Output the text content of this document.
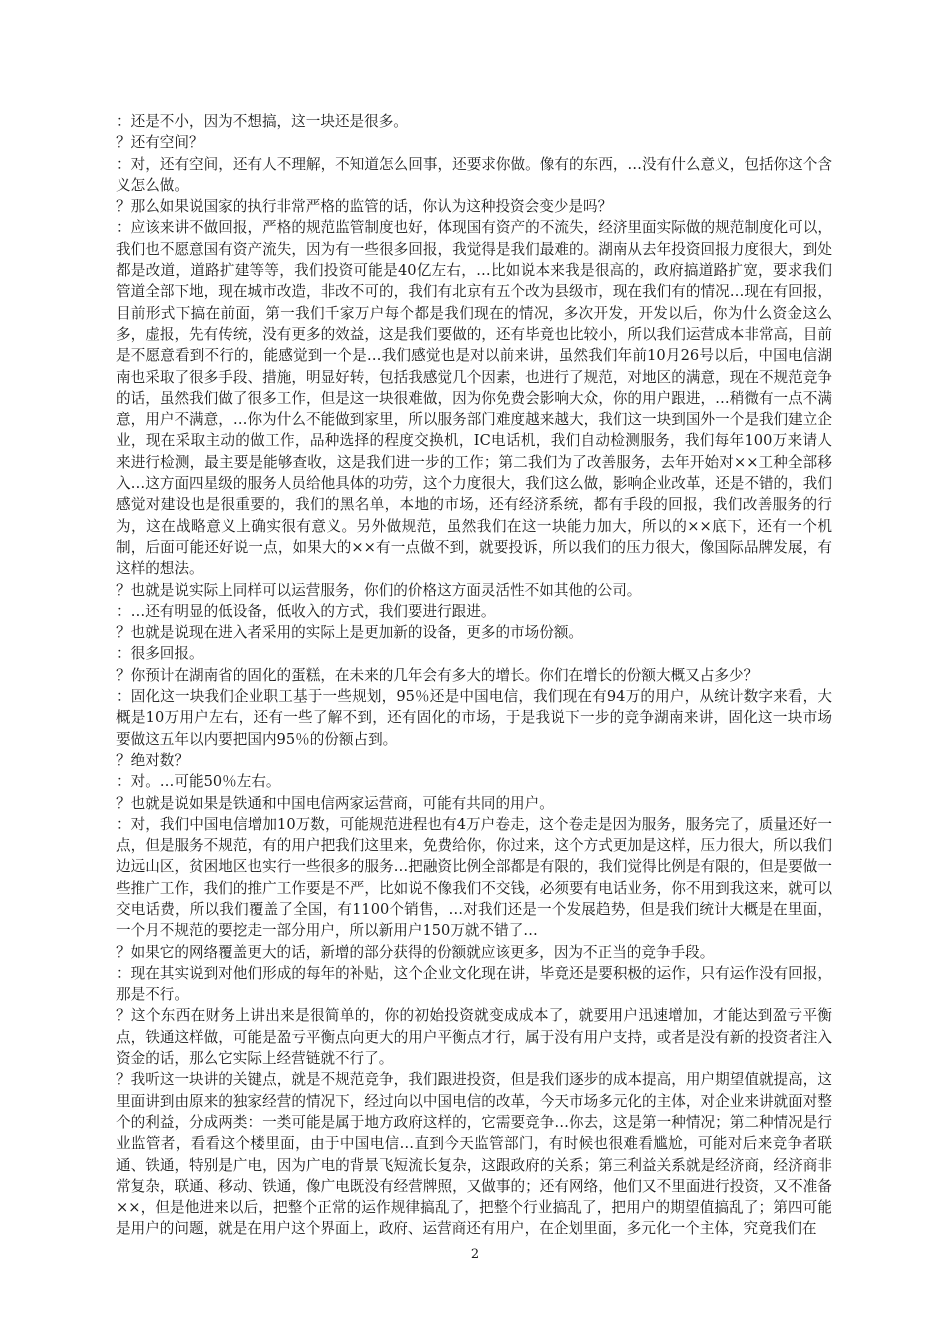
：还是不小，因为不想搞，这一块还是很多。

？还有空间？

：对，还有空间，还有人不理解，不知道怎么回事，还要求你做。像有的东西，…没有什么意义，包括你这个含义怎么做。

？那么如果说国家的执行非常严格的监管的话，你认为这种投资会变少是吗？

：应该来讲不做回报，严格的规范监管制度也好，体现国有资产的不流失，经济里面实际做的规范制度化可以，我们也不愿意国有资产流失，因为有一些很多回报，我觉得是我们最难的。湖南从去年投资回报力度很大，到处都是改道，道路扩建等等，我们投资可能是40亿左右，…比如说本来我是很高的，政府搞道路扩宽，要求我们管道全部下地，现在城市改造，非改不可的，我们有北京有五个改为县级市，现在我们有的情况…现在有回报，目前形式下搞在前面，第一我们千家万户每个都是我们现在的情况，多次开发，开发以后，你为什么资金这么多，虚报，先有传统，没有更多的效益，这是我们要做的，还有毕竟也比较小，所以我们运营成本非常高，目前是不愿意看到不行的，能感觉到一个是…我们感觉也是对以前来讲，虽然我们年前10月26号以后，中国电信湖南也采取了很多手段、措施，明显好转，包括我感觉几个因素，也进行了规范，对地区的满意，现在不规范竞争的话，虽然我们做了很多工作，但是这一块很难做，因为你免费会影响大众，你的用户跟进，…稍微有一点不满意，用户不满意，…你为什么不能做到家里，所以服务部门难度越来越大，我们这一块到国外一个是我们建立企业，现在采取主动的做工作，品种选择的程度交换机，IC电话机，我们自动检测服务，我们每年100万来请人来进行检测，最主要是能够查收，这是我们进一步的工作；第二我们为了改善服务，去年开始对××工种全部移入…这方面四星级的服务人员给他具体的功劳，这个力度很大，我们这么做，影响企业改革，还是不错的，我们感觉对建设也是很重要的，我们的黑名单，本地的市场，还有经济系统，都有手段的回报，我们改善服务的行为，这在战略意义上确实很有意义。另外做规范，虽然我们在这一块能力加大，所以的××底下，还有一个机制，后面可能还好说一点，如果大的××有一点做不到，就要投诉，所以我们的压力很大，像国际品牌发展，有这样的想法。

？也就是说实际上同样可以运营服务，你们的价格这方面灵活性不如其他的公司。

：…还有明显的低设备，低收入的方式，我们要进行跟进。

？也就是说现在进入者采用的实际上是更加新的设备，更多的市场份额。

：很多回报。

？你预计在湖南省的固化的蛋糕，在未来的几年会有多大的增长。你们在增长的份额大概又占多少？

：固化这一块我们企业职工基于一些规划，95％还是中国电信，我们现在有94万的用户，从统计数字来看，大概是10万用户左右，还有一些了解不到，还有固化的市场，于是我说下一步的竞争湖南来讲，固化这一块市场要做这五年以内要把国内95％的份额占到。

？绝对数？

：对。…可能50％左右。

？也就是说如果是铁通和中国电信两家运营商，可能有共同的用户。

：对，我们中国电信增加10万数，可能规范进程也有4万户卷走，这个卷走是因为服务，服务完了，质量还好一点，但是服务不规范，有的用户把我们这里来，免费给你，你过来，这个方式更加是这样，压力很大，所以我们边远山区，贫困地区也实行一些很多的服务…把融资比例全部都是有限的，我们觉得比例是有限的，但是要做一些推广工作，我们的推广工作要是不严，比如说不像我们不交钱，必须要有电话业务，你不用到我这来，就可以交电话费，所以我们覆盖了全国，有1100个销售，…对我们还是一个发展趋势，但是我们统计大概是在里面，一个月不规范的要挖走一部分用户，所以新用户150万就不错了…

？如果它的网络覆盖更大的话，新增的部分获得的份额就应该更多，因为不正当的竞争手段。

：现在其实说到对他们形成的每年的补贴，这个企业文化现在讲，毕竟还是要积极的运作，只有运作没有回报，那是不行。

？这个东西在财务上讲出来是很简单的，你的初始投资就变成成本了，就要用户迅速增加，才能达到盈亏平衡点，铁通这样做，可能是盈亏平衡点向更大的用户平衡点才行，属于没有用户支持，或者是没有新的投资者注入资金的话，那么它实际上经营链就不行了。

？我听这一块讲的关键点，就是不规范竞争，我们跟进投资，但是我们逐步的成本提高，用户期望值就提高，这里面讲到由原来的独家经营的情况下，经过向以中国电信的改革，今天市场多元化的主体，对企业来讲就面对整个的利益，分成两类：一类可能是属于地方政府这样的，它需要竞争…你去，这是第一种情况；第二种情况是行业监管者，看看这个楼里面，由于中国电信…直到今天监管部门，有时候也很难看尴尬，可能对后来竞争者联通、铁通，特别是广电，因为广电的背景飞短流长复杂，这跟政府的关系；第三利益关系就是经济商，经济商非常复杂，联通、移动、铁通，像广电既没有经营牌照，又做事的；还有网络，他们又不里面进行投资，又不准备××，但是他进来以后，把整个正常的运作规律搞乱了，把整个行业搞乱了，把用户的期望值搞乱了；第四可能是用户的问题，就是在用户这个界面上，政府、运营商还有用户，在企划里面，多元化一个主体，究竟我们在

2
